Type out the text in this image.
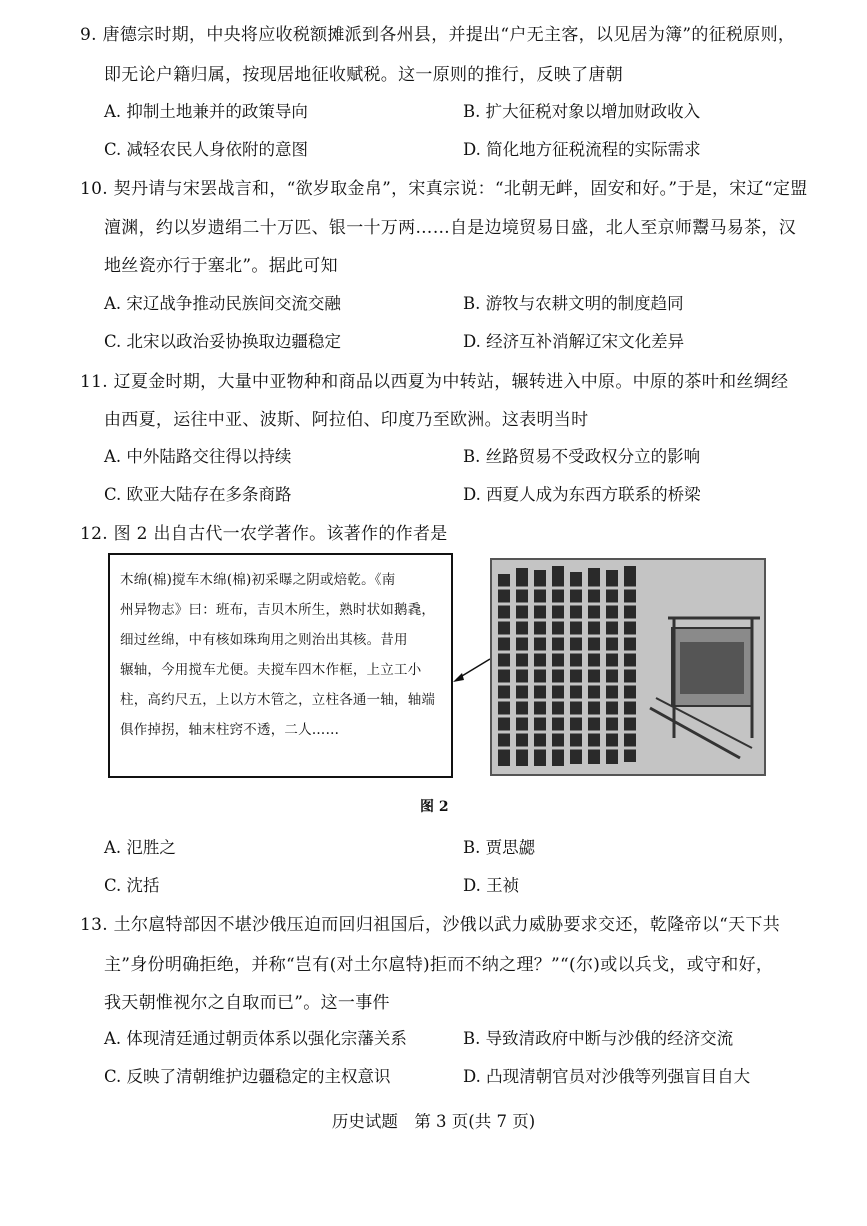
9. 唐德宗时期，中央将应收税额摊派到各州县，并提出“户无主客，以见居为簿”的征税原则，
即无论户籍归属，按现居地征收赋税。这一原则的推行，反映了唐朝
A. 抑制土地兼并的政策导向	B. 扩大征税对象以增加财政收入
C. 减轻农民人身依附的意图	D. 简化地方征税流程的实际需求
10. 契丹请与宋罢战言和，“欲岁取金帛”，宋真宗说：“北朝无衅，固安和好。”于是，宋辽“定盟
澶渊，约以岁遗绢二十万匹、银一十万两……自是边境贸易日盛，北人至京师鬻马易茶，汉
地丝瓷亦行于塞北”。据此可知
A. 宋辽战争推动民族间交流交融	B. 游牧与农耕文明的制度趋同
C. 北宋以政治妥协换取边疆稳定	D. 经济互补消解辽宋文化差异
11. 辽夏金时期，大量中亚物种和商品以西夏为中转站，辗转进入中原。中原的茶叶和丝绸经
由西夏，运往中亚、波斯、阿拉伯、印度乃至欧洲。这表明当时
A. 中外陆路交往得以持续	B. 丝路贸易不受政权分立的影响
C. 欧亚大陆存在多条商路	D. 西夏人成为东西方联系的桥梁
12. 图 2 出自古代一农学著作。该著作的作者是
木绵(棉)搅车木绵(棉)初采曝之阴或焙乾。《南
州异物志》曰：班布，吉贝木所生，熟时状如鹅毳，
细过丝绵，中有核如珠珣用之则治出其核。昔用
辗轴，今用搅车尤便。夫搅车四木作框，上立工小
柱，高约尺五，上以方木管之，立柱各通一轴，轴端
俱作掉拐，轴末柱窍不透，二人……
图 2
A. 氾胜之	B. 贾思勰
C. 沈括	D. 王祯
13. 土尔扈特部因不堪沙俄压迫而回归祖国后，沙俄以武力威胁要求交还，乾隆帝以“天下共
主”身份明确拒绝，并称“岂有(对土尔扈特)拒而不纳之理？”“(尔)或以兵戈，或守和好，
我天朝惟视尔之自取而已”。这一事件
A. 体现清廷通过朝贡体系以强化宗藩关系	B. 导致清政府中断与沙俄的经济交流
C. 反映了清朝维护边疆稳定的主权意识	D. 凸现清朝官员对沙俄等列强盲目自大
历史试题　第 3 页(共 7 页)
